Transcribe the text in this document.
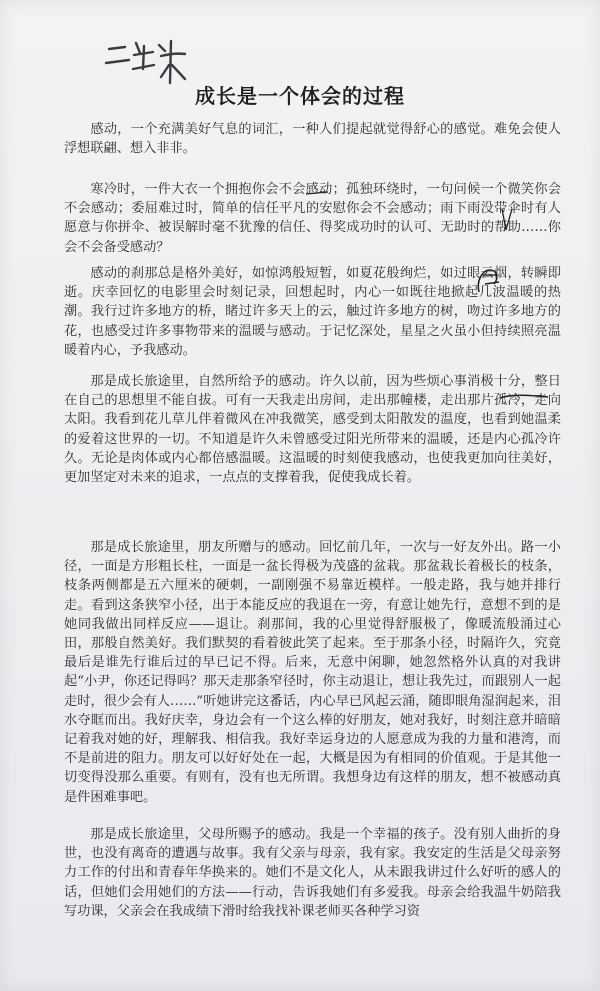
成长是一个体会的过程

感动，一个充满美好气息的词汇，一种人们提起就觉得舒心的感觉。难免会使人浮想联翩、想入非非。

寒冷时，一件大衣一个拥抱你会不会感动；孤独环绕时，一句问候一个微笑你会不会感动；委屈难过时，简单的信任平凡的安慰你会不会感动；雨下雨没带伞时有人愿意与你拼伞、被误解时毫不犹豫的信任、得奖成功时的认可、无助时的帮助……你会不会备受感动？

感动的刹那总是格外美好，如惊鸿般短暂，如夏花般绚烂，如过眼云烟，转瞬即逝。庆幸回忆的电影里会时刻记录，回想起时，内心一如既往地掀起几波温暖的热潮。我行过许多地方的桥，睹过许多天上的云，触过许多地方的树，吻过许多地方的花，也感受过许多事物带来的温暖与感动。于记忆深处，星星之火虽小但持续照亮温暖着内心，予我感动。

那是成长旅途里，自然所给予的感动。许久以前，因为些烦心事消极十分，整日在自己的思想里不能自拔。可有一天我走出房间，走出那幢楼，走出那片孤冷，走向太阳。我看到花儿草儿伴着微风在冲我微笑，感受到太阳散发的温度，也看到她温柔的爱着这世界的一切。不知道是许久未曾感受过阳光所带来的温暖，还是内心孤冷许久。无论是肉体或内心都倍感温暖。这温暖的时刻使我感动，也使我更加向往美好，更加坚定对未来的追求，一点点的支撑着我，促使我成长着。

那是成长旅途里，朋友所赠与的感动。回忆前几年，一次与一好友外出。路一小径，一面是方形粗长柱，一面是一盆长得极为茂盛的盆栽。那盆栽长着极长的枝条，枝条两侧都是五六厘米的硬刺，一副刚强不易靠近模样。一般走路，我与她并排行走。看到这条狭窄小径，出于本能反应的我退在一旁，有意让她先行，意想不到的是她同我做出同样反应——退让。刹那间，我的心里觉得舒服极了，像暖流般涌过心田，那般自然美好。我们默契的看着彼此笑了起来。至于那条小径，时隔许久，究竟最后是谁先行谁后过的早已记不得。后来，无意中闲聊，她忽然格外认真的对我讲起“小尹，你还记得吗？那天走那条窄径时，你主动退让，想让我先过，而跟别人一起走时，很少会有人……”听她讲完这番话，内心早已风起云涌，随即眼角湿润起来，泪水夺眶而出。我好庆幸，身边会有一个这么棒的好朋友，她对我好，时刻注意并暗暗记着我对她的好，理解我、相信我。我好幸运身边的人愿意成为我的力量和港湾，而不是前进的阻力。朋友可以好好处在一起，大概是因为有相同的价值观。于是其他一切变得没那么重要。有则有，没有也无所谓。我想身边有这样的朋友，想不被感动真是件困难事吧。

那是成长旅途里，父母所赐予的感动。我是一个幸福的孩子。没有别人曲折的身世，也没有离奇的遭遇与故事。我有父亲与母亲，我有家。我安定的生活是父母亲努力工作的付出和青春年华换来的。她们不是文化人，从未跟我讲过什么好听的感人的话，但她们会用她们的方法——行动，告诉我她们有多爱我。母亲会给我温牛奶陪我写功课，父亲会在我成绩下滑时给我找补课老师买各种学习资
